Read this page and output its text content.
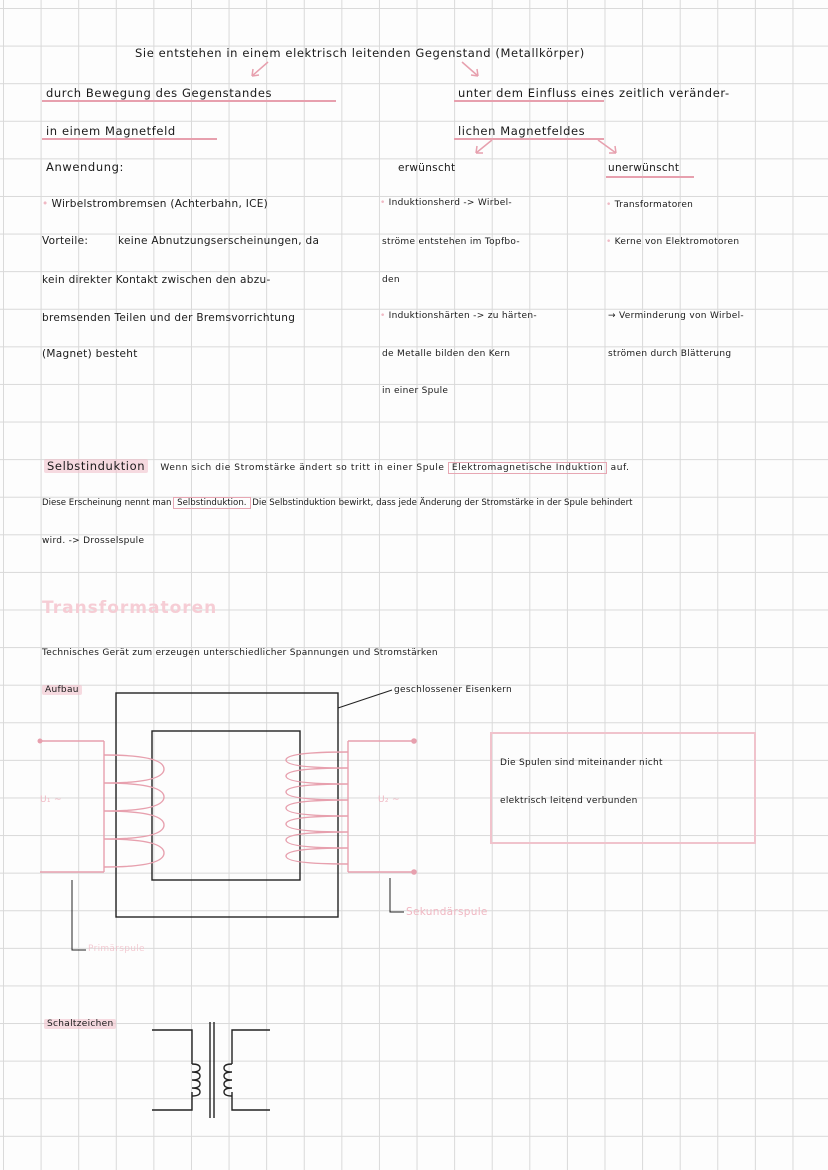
Sie entstehen in einem elektrisch leitenden Gegenstand (Metallkörper)
durch Bewegung des Gegenstandes
in einem Magnetfeld
Anwendung:
• Wirbelstrombremsen (Achterbahn, ICE)
Vorteile:	keine Abnutzungserscheinungen, da
kein direkter Kontakt zwischen den abzu-
bremsenden Teilen und der Bremsvorrichtung
(Magnet) besteht
unter dem Einfluss eines zeitlich veränder-
lichen Magnetfeldes
erwünscht
• Induktionsherd -> Wirbel-
ströme entstehen im Topfbo-
den
• Induktionshärten -> zu härten-
de Metalle bilden den Kern
in einer Spule
unerwünscht
• Transformatoren
• Kerne von Elektromotoren
→ Verminderung von Wirbel-
strömen durch Blätterung
Selbstinduktion Wenn sich die Stromstärke ändert so tritt in einer Spule Elektromagnetische Induktion auf.
Diese Erscheinung nennt man Selbstinduktion. Die Selbstinduktion bewirkt, dass jede Änderung der Stromstärke in der Spule behindert
wird. -> Drosselspule
Transformatoren
Technisches Gerät zum erzeugen unterschiedlicher Spannungen und Stromstärken
Aufbau	geschlossener Eisenkern
U₁ ~	U₂ ~
Sekundärspule
Primärspule
Die Spulen sind miteinander nicht
elektrisch leitend verbunden
Schaltzeichen
